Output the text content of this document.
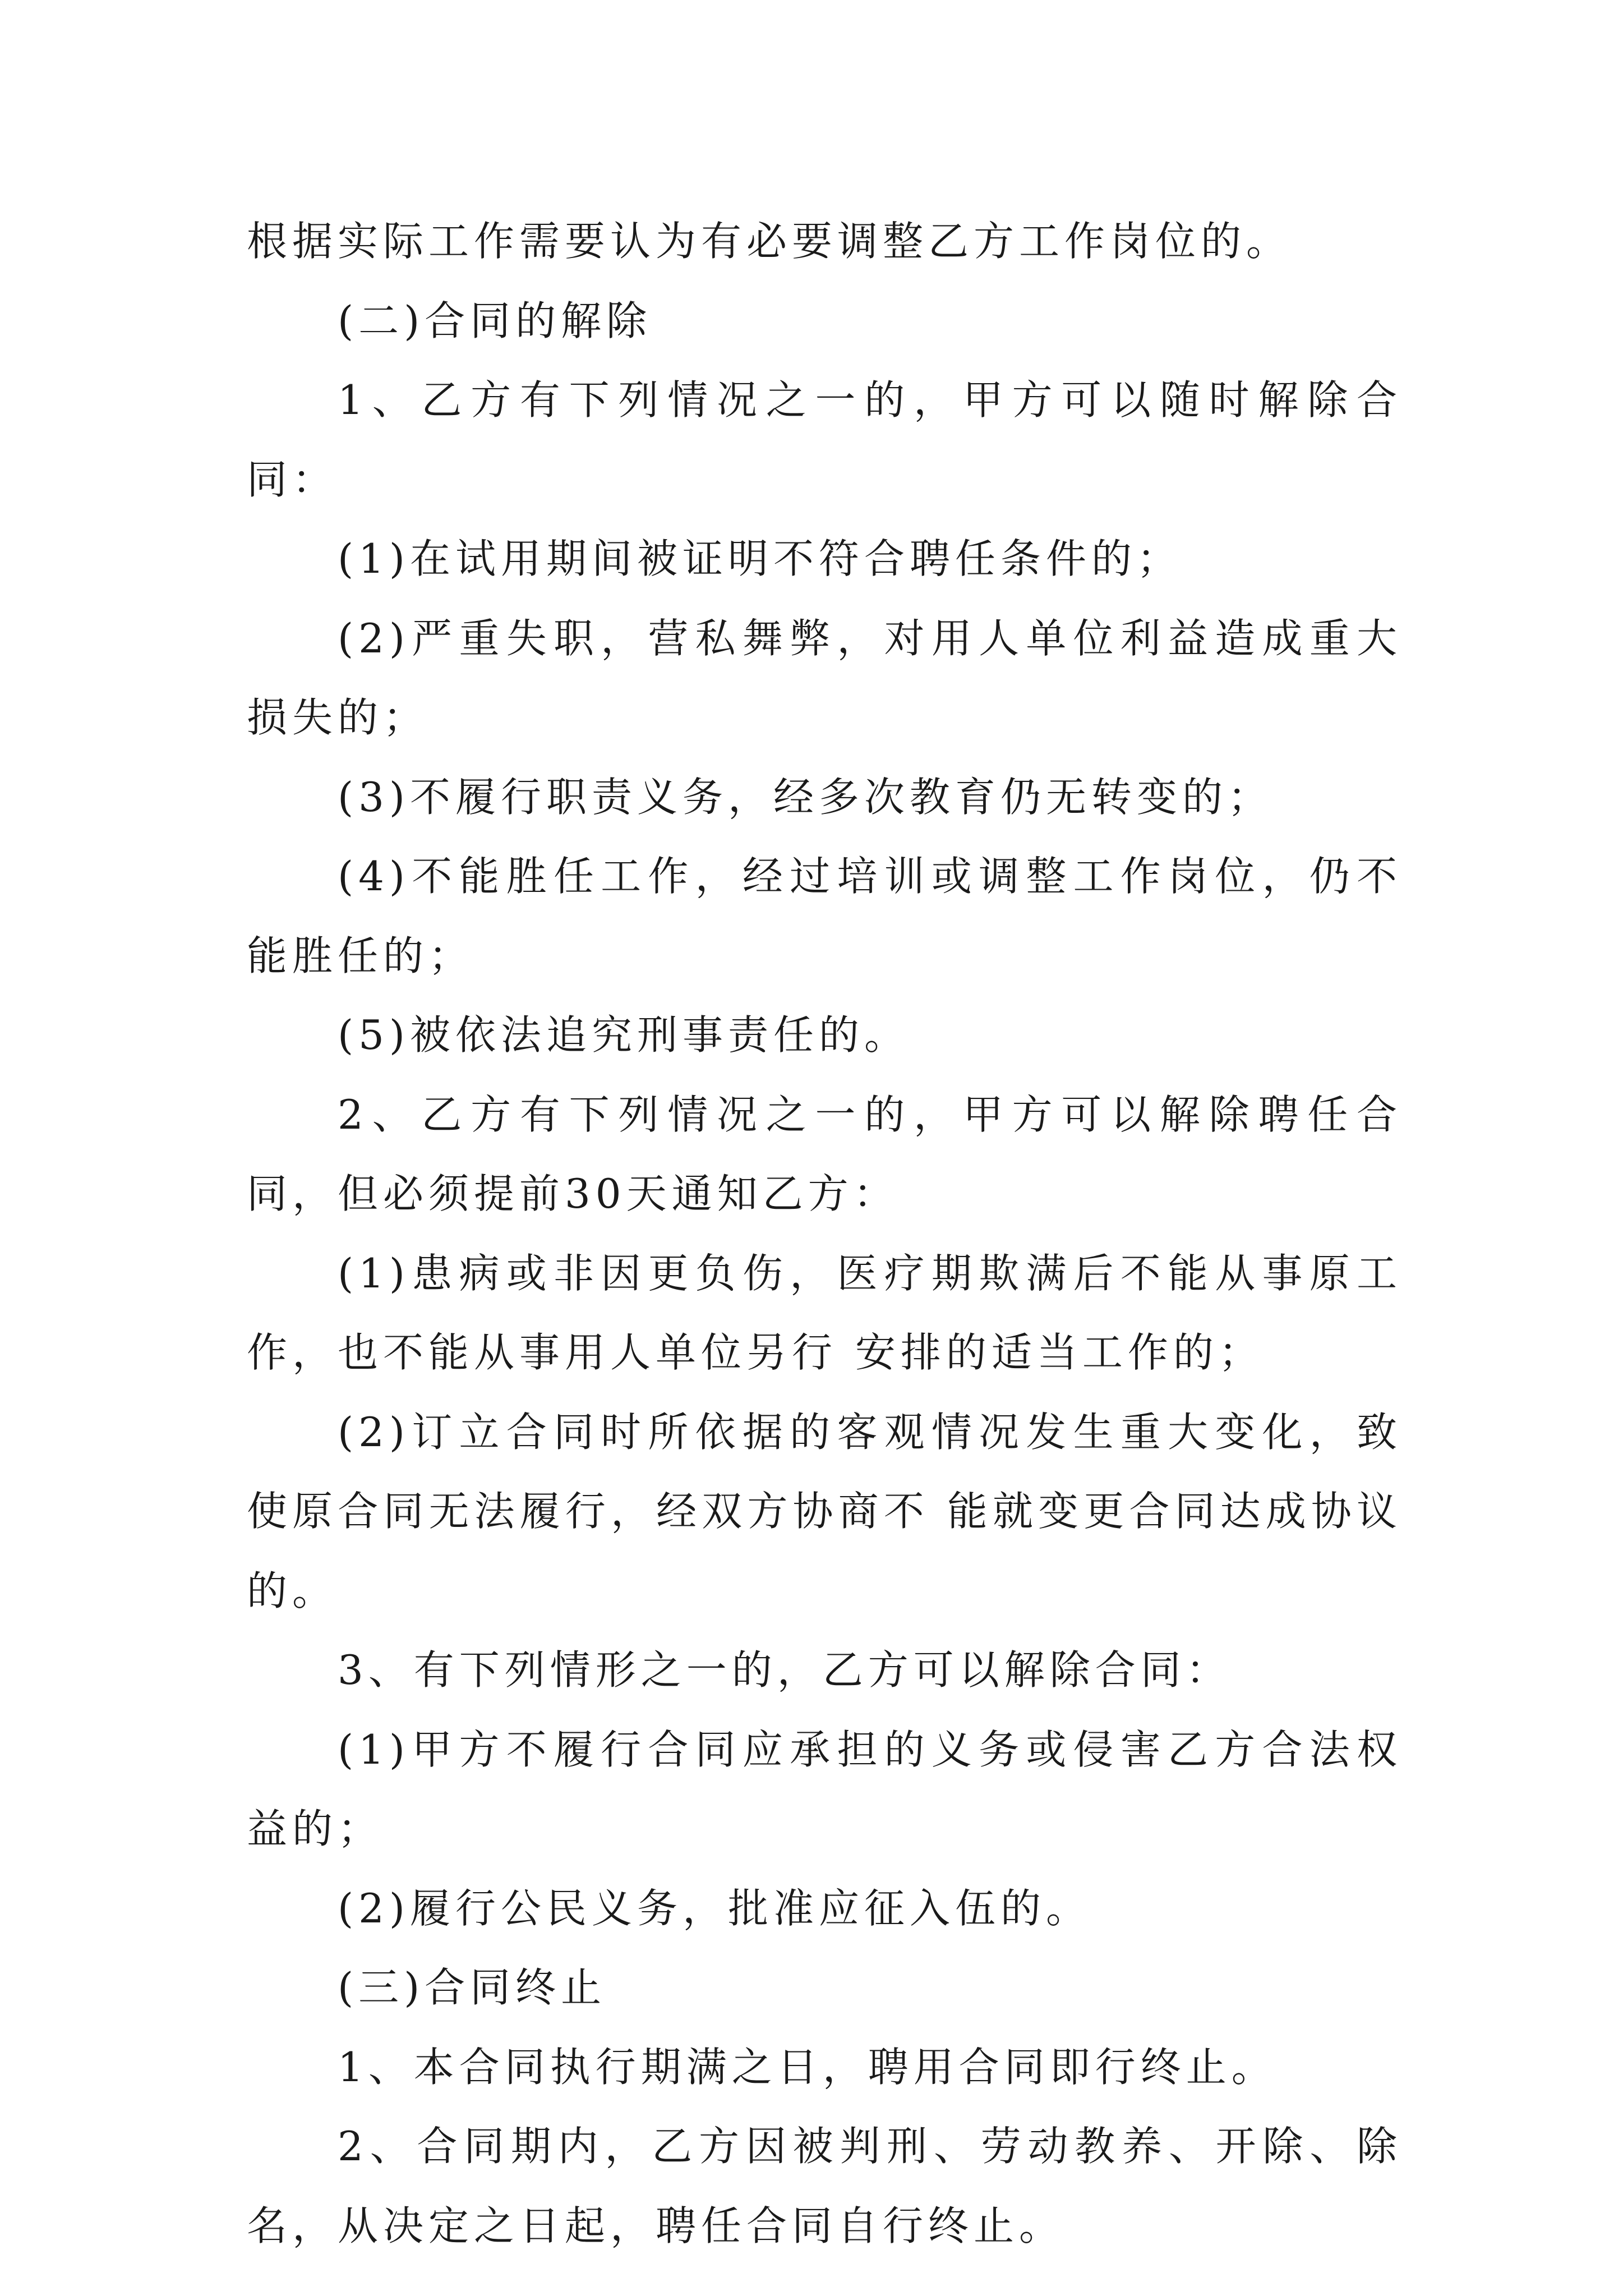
根据实际工作需要认为有必要调整乙方工作岗位的。

(二)合同的解除

1、乙方有下列情况之一的，甲方可以随时解除合同：

(1)在试用期间被证明不符合聘任条件的；

(2)严重失职，营私舞弊，对用人单位利益造成重大损失的；

(3)不履行职责义务，经多次教育仍无转变的；

(4)不能胜任工作，经过培训或调整工作岗位，仍不能胜任的；

(5)被依法追究刑事责任的。

2、乙方有下列情况之一的，甲方可以解除聘任合同，但必须提前30天通知乙方：

(1)患病或非因更负伤，医疗期欺满后不能从事原工作，也不能从事用人单位另行 安排的适当工作的；

(2)订立合同时所依据的客观情况发生重大变化，致使原合同无法履行，经双方协商不 能就变更合同达成协议的。

3、有下列情形之一的，乙方可以解除合同：

(1)甲方不履行合同应承担的义务或侵害乙方合法权益的；

(2)履行公民义务，批准应征入伍的。

(三)合同终止

1、本合同执行期满之日，聘用合同即行终止。

2、合同期内，乙方因被判刑、劳动教养、开除、除名，从决定之日起，聘任合同自行终止。
